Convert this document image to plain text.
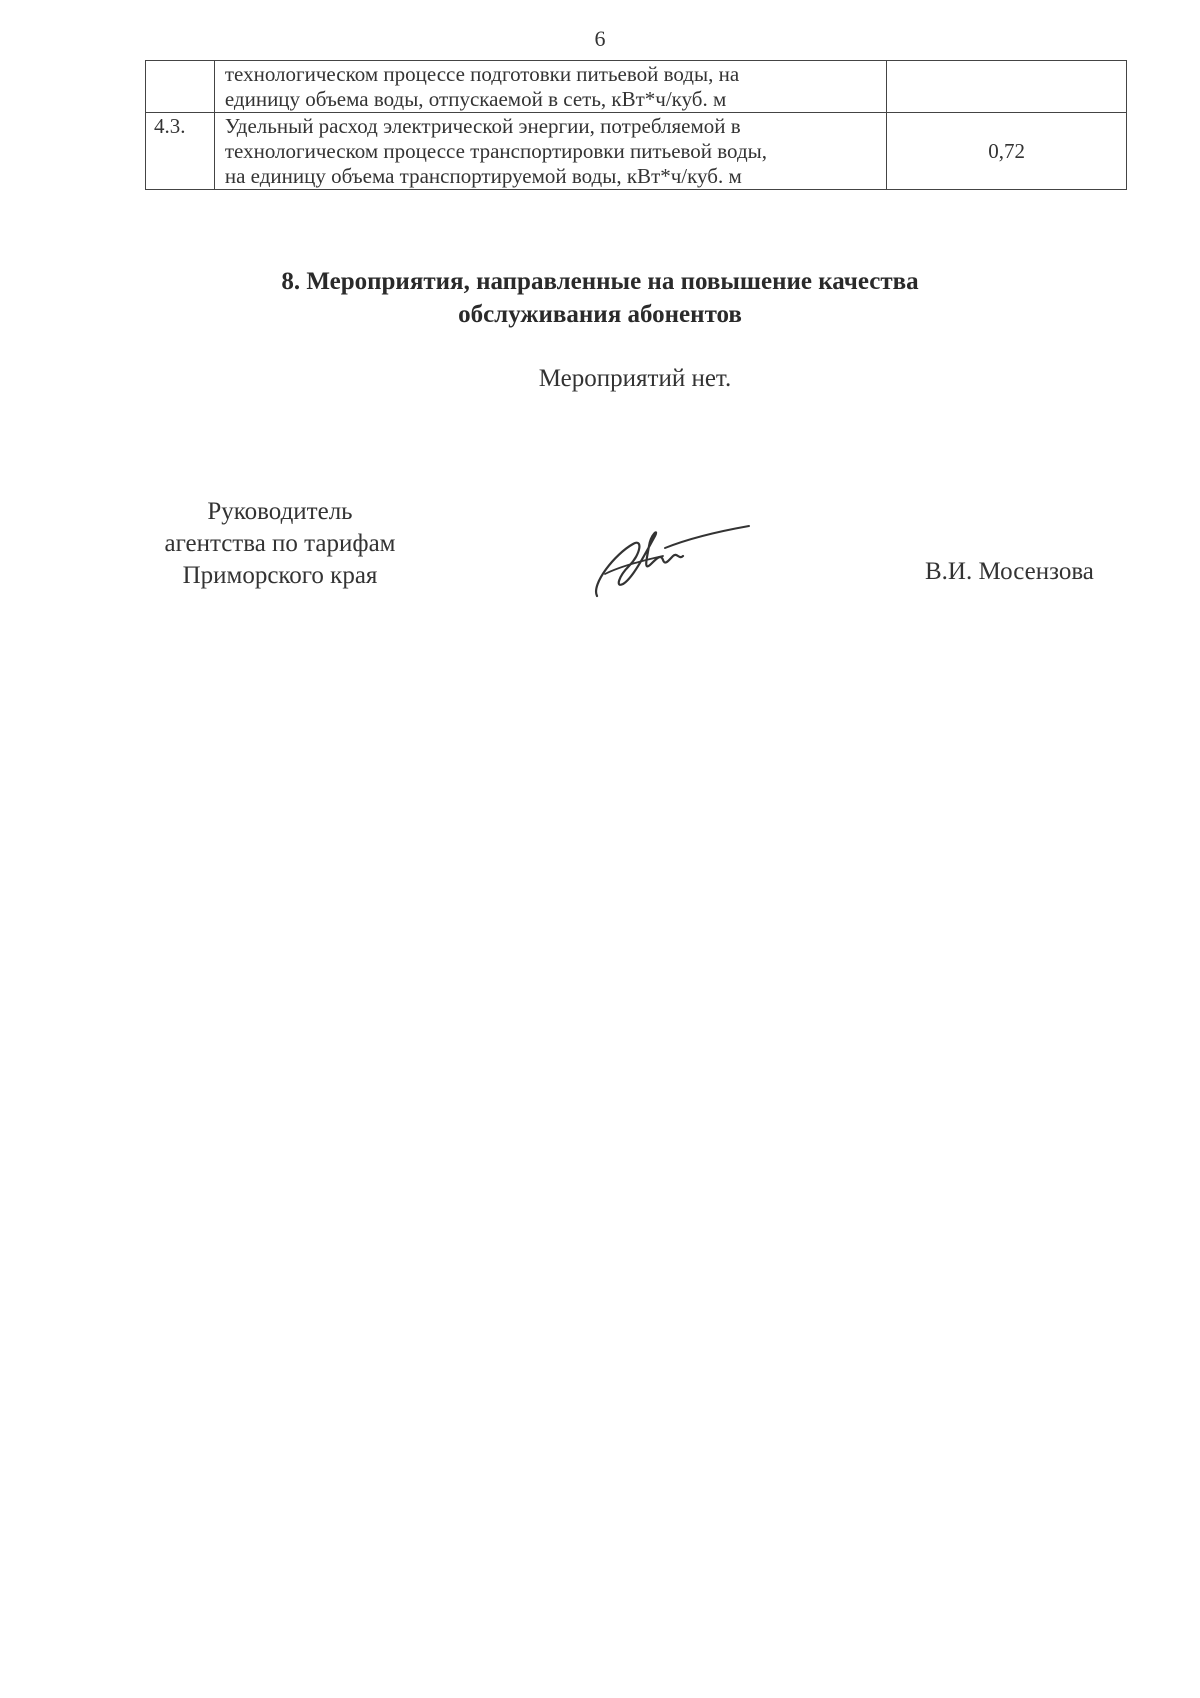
6

	технологическом процессе подготовки питьевой воды, на
единицу объема воды, отпускаемой в сеть, кВт*ч/куб. м	

4.3.	Удельный расход электрической энергии, потребляемой в
технологическом процессе транспортировки питьевой воды,
на единицу объема транспортируемой воды, кВт*ч/куб. м	0,72
8. Мероприятия, направленные на повышение качества
обслуживания абонентов
Мероприятий нет.
Руководитель
агентства по тарифам
Приморского края	В.И. Мосензова
